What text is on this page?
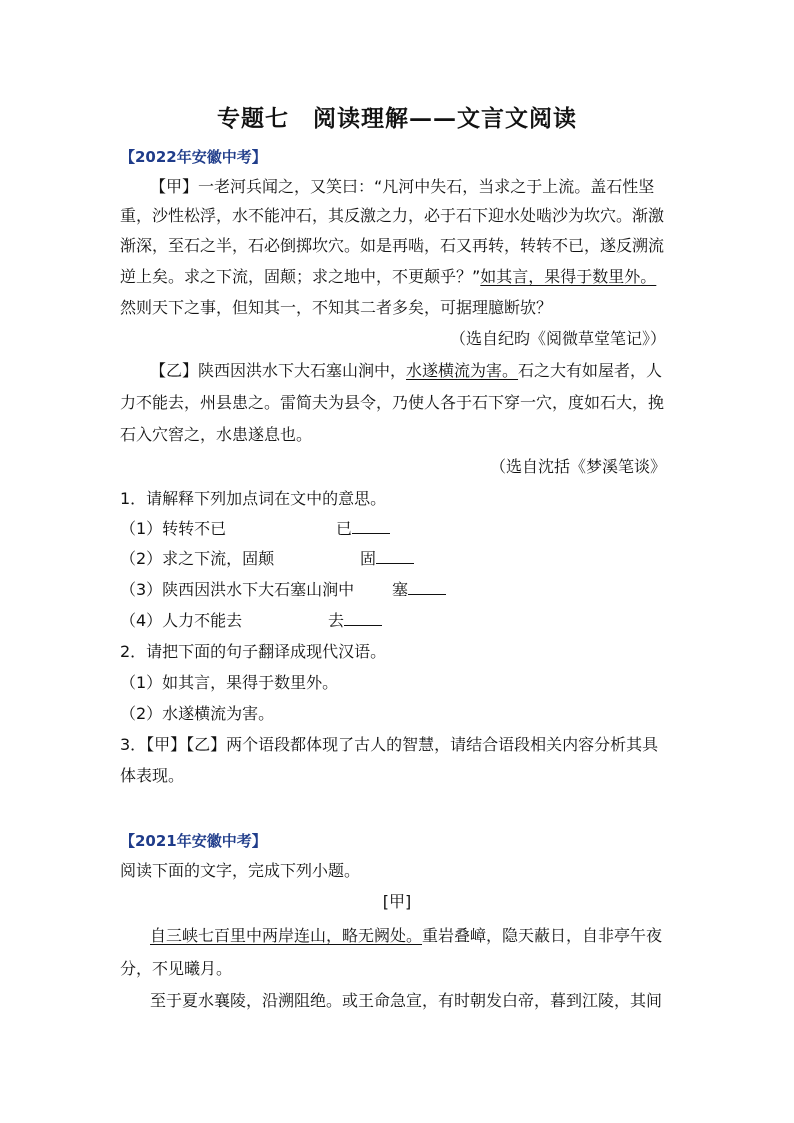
专题七　阅读理解——文言文阅读
【2022年安徽中考】
【甲】一老河兵闻之，又笑曰：“凡河中失石，当求之于上流。盖石性坚
重，沙性松浮，水不能冲石，其反激之力，必于石下迎水处啮沙为坎穴。渐激
渐深，至石之半，石必倒掷坎穴。如是再啮，石又再转，转转不已，遂反溯流
逆上矣。求之下流，固颠；求之地中，不更颠乎？”如其言，果得于数里外。
然则天下之事，但知其一，不知其二者多矣，可据理臆断欤？
（选自纪昀《阅微草堂笔记》）
【乙】陕西因洪水下大石塞山涧中，水遂横流为害。石之大有如屋者，人
力不能去，州县患之。雷简夫为县令，乃使人各于石下穿一穴，度如石大，挽
石入穴窖之，水患遂息也。
（选自沈括《梦溪笔谈》
1．请解释下列加点词在文中的意思。
（1）转转不已	已
（2）求之下流，固颠	固
（3）陕西因洪水下大石塞山涧中 塞
（4）人力不能去	去
2．请把下面的句子翻译成现代汉语。
（1）如其言，果得于数里外。
（2）水遂横流为害。
3．【甲】【乙】两个语段都体现了古人的智慧，请结合语段相关内容分析其具
体表现。
【2021年安徽中考】
阅读下面的文字，完成下列小题。
[甲]
自三峡七百里中两岸连山，略无阙处。重岩叠嶂，隐天蔽日，自非亭午夜
分，不见曦月。
至于夏水襄陵，沿溯阻绝。或王命急宣，有时朝发白帝，暮到江陵，其间
